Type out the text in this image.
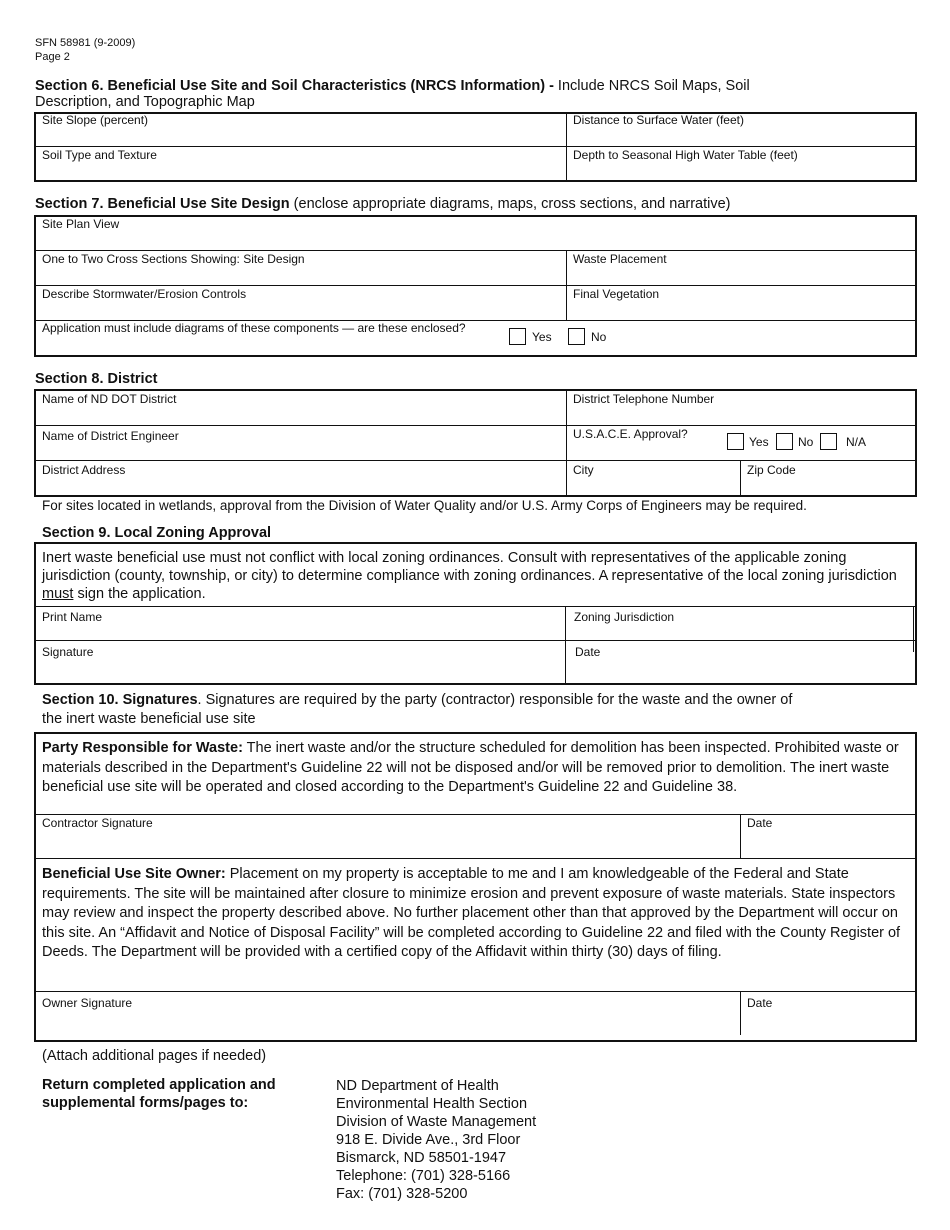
SFN 58981 (9-2009)
Page 2
Section 6. Beneficial Use Site and Soil Characteristics (NRCS Information) - Include NRCS Soil Maps, Soil
Description, and Topographic Map
Site Slope (percent)	Distance to Surface Water (feet)
Soil Type and Texture	Depth to Seasonal High Water Table (feet)
Section 7. Beneficial Use Site Design (enclose appropriate diagrams, maps, cross sections, and narrative)
Site Plan View
One to Two Cross Sections Showing: Site Design	Waste Placement
Describe Stormwater/Erosion Controls	Final Vegetation
Application must include diagrams of these components — are these enclosed?
Yes	No
Section 8. District
Name of ND DOT District	District Telephone Number
Name of District Engineer	U.S.A.C.E. Approval?
Yes No	N/A
District Address	City	Zip Code
For sites located in wetlands, approval from the Division of Water Quality and/or U.S. Army Corps of Engineers may be required.
Section 9. Local Zoning Approval
Inert waste beneficial use must not conflict with local zoning ordinances. Consult with representatives of the applicable zoning jurisdiction (county, township, or city) to determine compliance with zoning ordinances. A representative of the local zoning jurisdiction must sign the application.
Print Name	Zoning Jurisdiction
Signature	Date
Section 10. Signatures. Signatures are required by the party (contractor) responsible for the waste and the owner of
the inert waste beneficial use site
Party Responsible for Waste: The inert waste and/or the structure scheduled for demolition has been inspected. Prohibited waste or materials described in the Department's Guideline 22 will not be disposed and/or will be removed prior to demolition. The inert waste beneficial use site will be operated and closed according to the Department's Guideline 22 and Guideline 38.
Contractor Signature	Date
Beneficial Use Site Owner: Placement on my property is acceptable to me and I am knowledgeable of the Federal and State requirements. The site will be maintained after closure to minimize erosion and prevent exposure of waste materials. State inspectors may review and inspect the property described above. No further placement other than that approved by the Department will occur on this site. An “Affidavit and Notice of Disposal Facility” will be completed according to Guideline 22 and filed with the County Register of Deeds. The Department will be provided with a certified copy of the Affidavit within thirty (30) days of filing.
Owner Signature	Date
(Attach additional pages if needed)
Return completed application and
supplemental forms/pages to:
ND Department of Health
Environmental Health Section
Division of Waste Management
918 E. Divide Ave., 3rd Floor
Bismarck, ND 58501-1947
Telephone: (701) 328-5166
Fax: (701) 328-5200
